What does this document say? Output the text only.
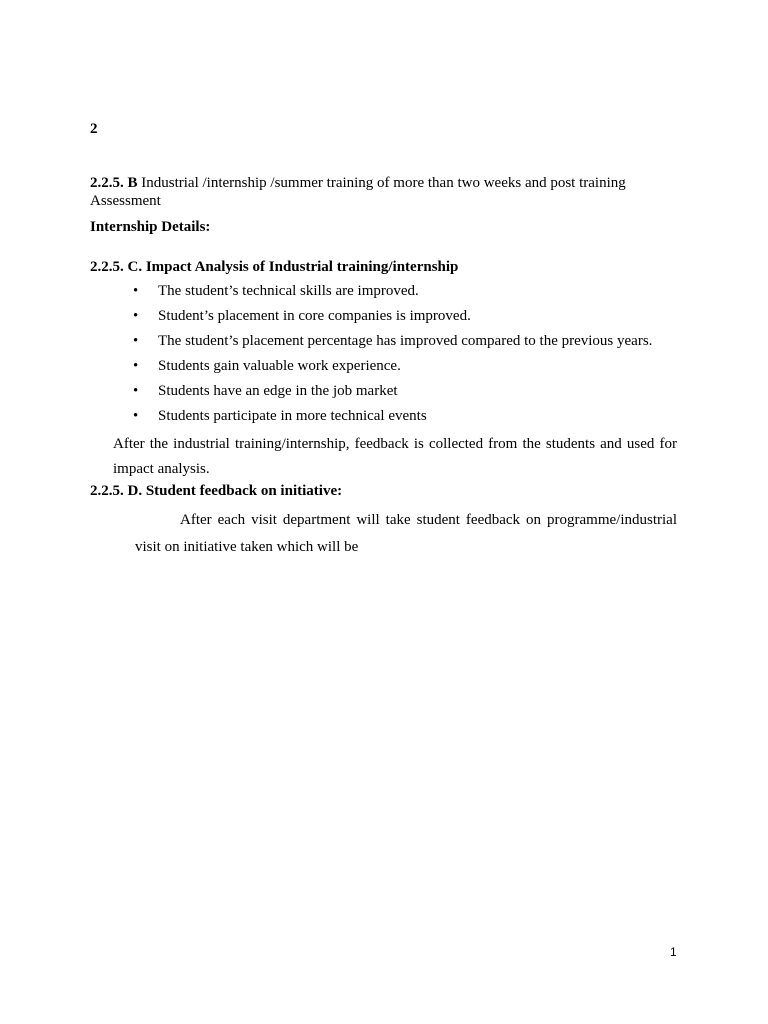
2
2.2.5. B Industrial /internship /summer training of more than two weeks and post training Assessment
Internship Details:
2.2.5. C. Impact Analysis of Industrial training/internship
• The student’s technical skills are improved.
• Student’s placement in core companies is improved.
• The student’s placement percentage has improved compared to the previous years.
• Students gain valuable work experience.
• Students have an edge in the job market
• Students participate in more technical events
After the industrial training/internship, feedback is collected from the students and used for impact analysis.
2.2.5. D. Student feedback on initiative:
After each visit department will take student feedback on programme/industrial visit on initiative taken which will be
1
